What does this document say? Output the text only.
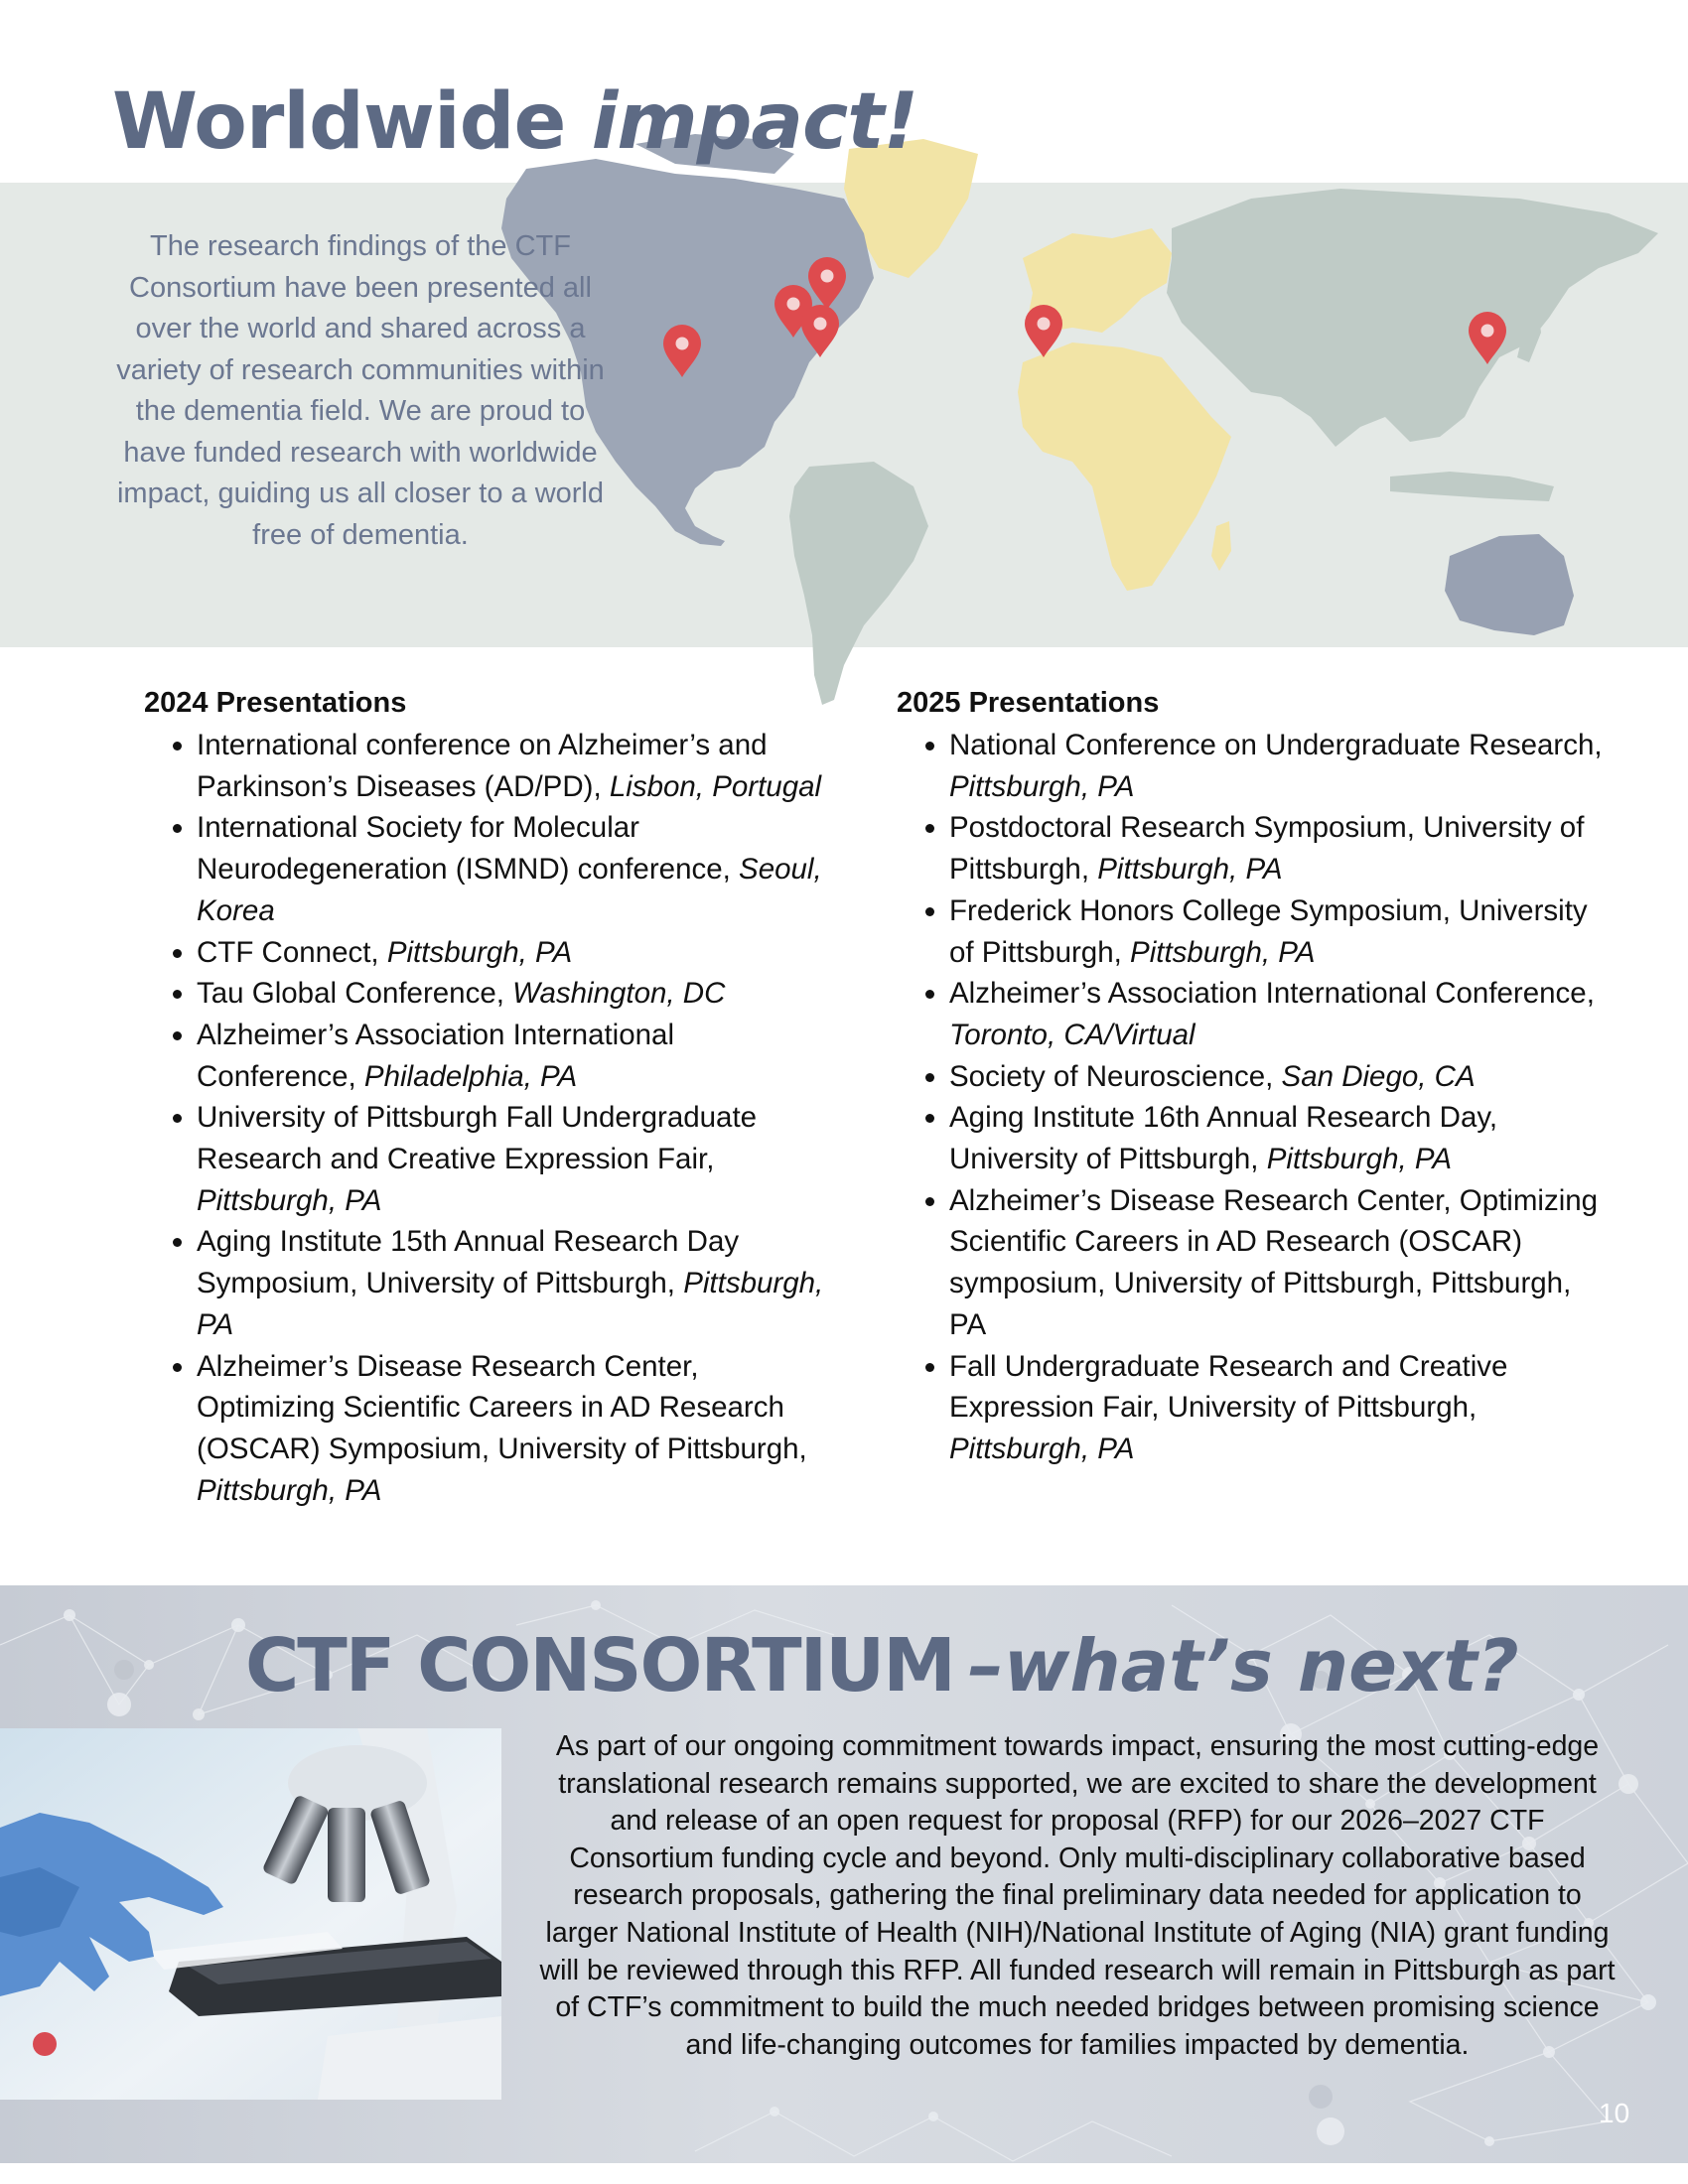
Worldwide impact!

The research findings of the CTF Consortium have been presented all over the world and shared across a variety of research communities within the dementia field. We are proud to have funded research with worldwide impact, guiding us all closer to a world free of dementia.

2024 Presentations
• International conference on Alzheimer’s and Parkinson’s Diseases (AD/PD), Lisbon, Portugal
• International Society for Molecular Neurodegeneration (ISMND) conference, Seoul, Korea
• CTF Connect, Pittsburgh, PA
• Tau Global Conference, Washington, DC
• Alzheimer’s Association International Conference, Philadelphia, PA
• University of Pittsburgh Fall Undergraduate Research and Creative Expression Fair, Pittsburgh, PA
• Aging Institute 15th Annual Research Day Symposium, University of Pittsburgh, Pittsburgh, PA
• Alzheimer’s Disease Research Center, Optimizing Scientific Careers in AD Research (OSCAR) Symposium, University of Pittsburgh, Pittsburgh, PA
2025 Presentations
• National Conference on Undergraduate Research, Pittsburgh, PA
• Postdoctoral Research Symposium, University of Pittsburgh, Pittsburgh, PA
• Frederick Honors College Symposium, University of Pittsburgh, Pittsburgh, PA
• Alzheimer’s Association International Conference, Toronto, CA/Virtual
• Society of Neuroscience, San Diego, CA
• Aging Institute 16th Annual Research Day, University of Pittsburgh, Pittsburgh, PA
• Alzheimer’s Disease Research Center, Optimizing Scientific Careers in AD Research (OSCAR) symposium, University of Pittsburgh, Pittsburgh, PA
• Fall Undergraduate Research and Creative Expression Fair, University of Pittsburgh, Pittsburgh, PA
CTF CONSORTIUM –what’s next?

As part of our ongoing commitment towards impact, ensuring the most cutting-edge translational research remains supported, we are excited to share the development and release of an open request for proposal (RFP) for our 2026–2027 CTF Consortium funding cycle and beyond. Only multi-disciplinary collaborative based research proposals, gathering the final preliminary data needed for application to larger National Institute of Health (NIH)/National Institute of Aging (NIA) grant funding will be reviewed through this RFP. All funded research will remain in Pittsburgh as part of CTF’s commitment to build the much needed bridges between promising science and life-changing outcomes for families impacted by dementia.

10
